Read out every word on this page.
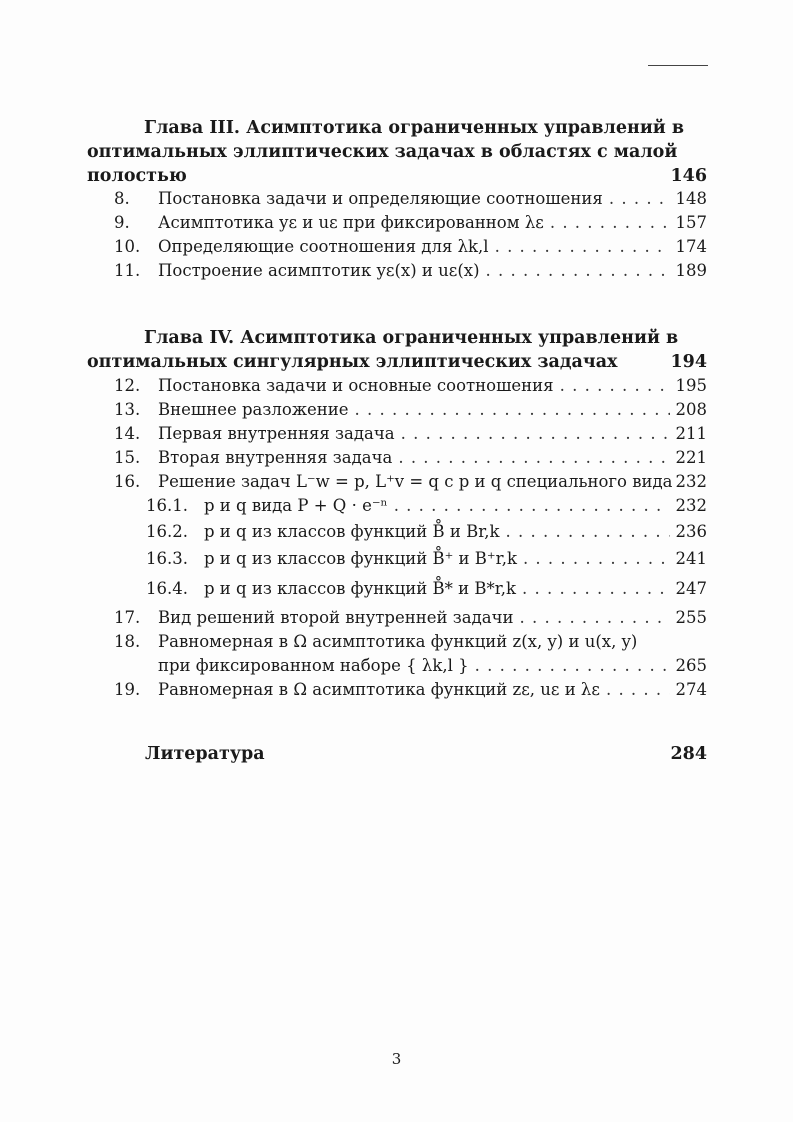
Глава III. Асимптотика ограниченных управлений в
оптимальных эллиптических задачах в областях с малой
полостью	146
8.	Постановка задачи и определяющие соотношения . . .	148
9.	Асимптотика yε и uε при фиксированном λε . . .	157
10.	Определяющие соотношения для λk,l . . .	174
11.	Построение асимптотик yε(x) и uε(x) . . .	189
Глава IV. Асимптотика ограниченных управлений в
оптимальных сингулярных эллиптических задачах	194
12.	Постановка задачи и основные соотношения . . .	195
13.	Внешнее разложение . . .	208
14.	Первая внутренняя задача . . .	211
15.	Вторая внутренняя задача . . .	221
16.	Решение задач L⁻w = p, L⁺v = q с p и q специального вида 232
16.1. p и q вида P + Q · e⁻ⁿ . . .	232
16.2. p и q из классов функций B̊ и Br,k . . .	236
16.3. p и q из классов функций B̊⁺ и B⁺r,k . . .	241
16.4. p и q из классов функций B̊* и B*r,k . . .	247
17.	Вид решений второй внутренней задачи . . .	255
18.	Равномерная в Ω асимптотика функций z(x, y) и u(x, y)
при фиксированном наборе { λk,l } . . .	265
19.	Равномерная в Ω асимптотика функций zε, uε и λε . . .	274
Литература	284
3
